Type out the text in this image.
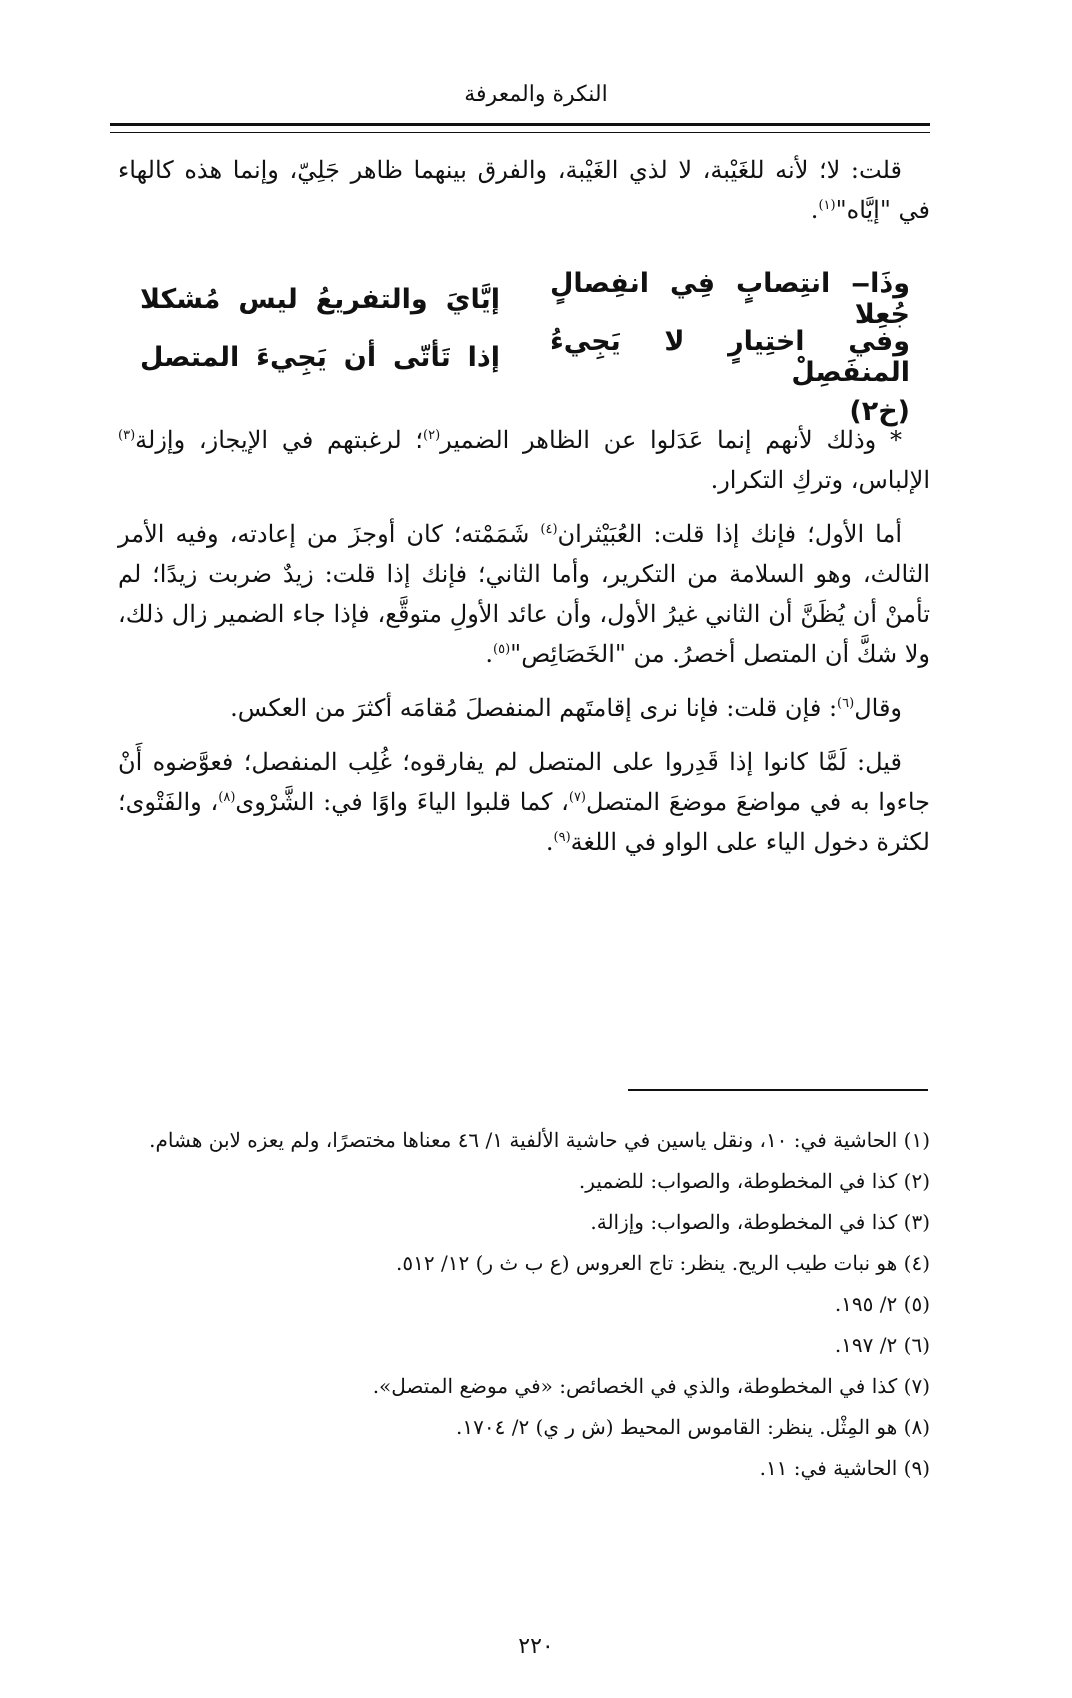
النكرة والمعرفة

قلت: لا؛ لأنه للغَيْبة، لا لذي الغَيْبة، والفرق بينهما ظاهر جَلِيّ، وإنما هذه كالهاء في "إيَّاه"$^{(١)}$.

وذَا‒ انتِصابٍ فِي انفِصالٍ جُعِلا
إيَّايَ والتفريعُ ليس مُشكلا
وفي اختِيارٍ لا يَجِيءُ المنفَصِلْ
إذا تَأتّى أن يَجِيءَ المتصل
(خ٢)

* وذلك لأنهم إنما عَدَلوا عن الظاهر الضمير$^{(٢)}$؛ لرغبتهم في الإيجاز، وإزلة$^{(٣)}$ الإلباس، وتركِ التكرار.

أما الأول؛ فإنك إذا قلت: العُبَيْثران$^{(٤)}$ شَمَمْته؛ كان أوجزَ من إعادته، وفيه الأمر الثالث، وهو السلامة من التكرير، وأما الثاني؛ فإنك إذا قلت: زيدٌ ضربت زيدًا؛ لم تأمنْ أن يُظَنَّ أن الثاني غيرُ الأول، وأن عائد الأولِ متوقَّع، فإذا جاء الضمير زال ذلك، ولا شكَّ أن المتصل أخصرُ. من "الخَصَائِص"$^{(٥)}$.

وقال$^{(٦)}$: فإن قلت: فإنا نرى إقامتَهم المنفصلَ مُقامَه أكثرَ من العكس.

قيل: لَمَّا كانوا إذا قَدِروا على المتصل لم يفارقوه؛ غُلِب المنفصل؛ فعوَّضوه أَنْ جاءوا به في مواضعَ موضعَ المتصل$^{(٧)}$، كما قلبوا الياءَ واوًا في: الشَّرْوى$^{(٨)}$، والفَتْوى؛ لكثرة دخول الياء على الواو في اللغة$^{(٩)}$.

(١) الحاشية في: ١٠، ونقل ياسين في حاشية الألفية ١/ ٤٦ معناها مختصرًا، ولم يعزه لابن هشام.
(٢) كذا في المخطوطة، والصواب: للضمير.
(٣) كذا في المخطوطة، والصواب: وإزالة.
(٤) هو نبات طيب الريح. ينظر: تاج العروس (ع ب ث ر) ١٢/ ٥١٢.
(٥) ٢/ ١٩٥.
(٦) ٢/ ١٩٧.
(٧) كذا في المخطوطة، والذي في الخصائص: «في موضع المتصل».
(٨) هو المِثْل. ينظر: القاموس المحيط (ش ر ي) ٢/ ١٧٠٤.
(٩) الحاشية في: ١١.
٢٢٠
